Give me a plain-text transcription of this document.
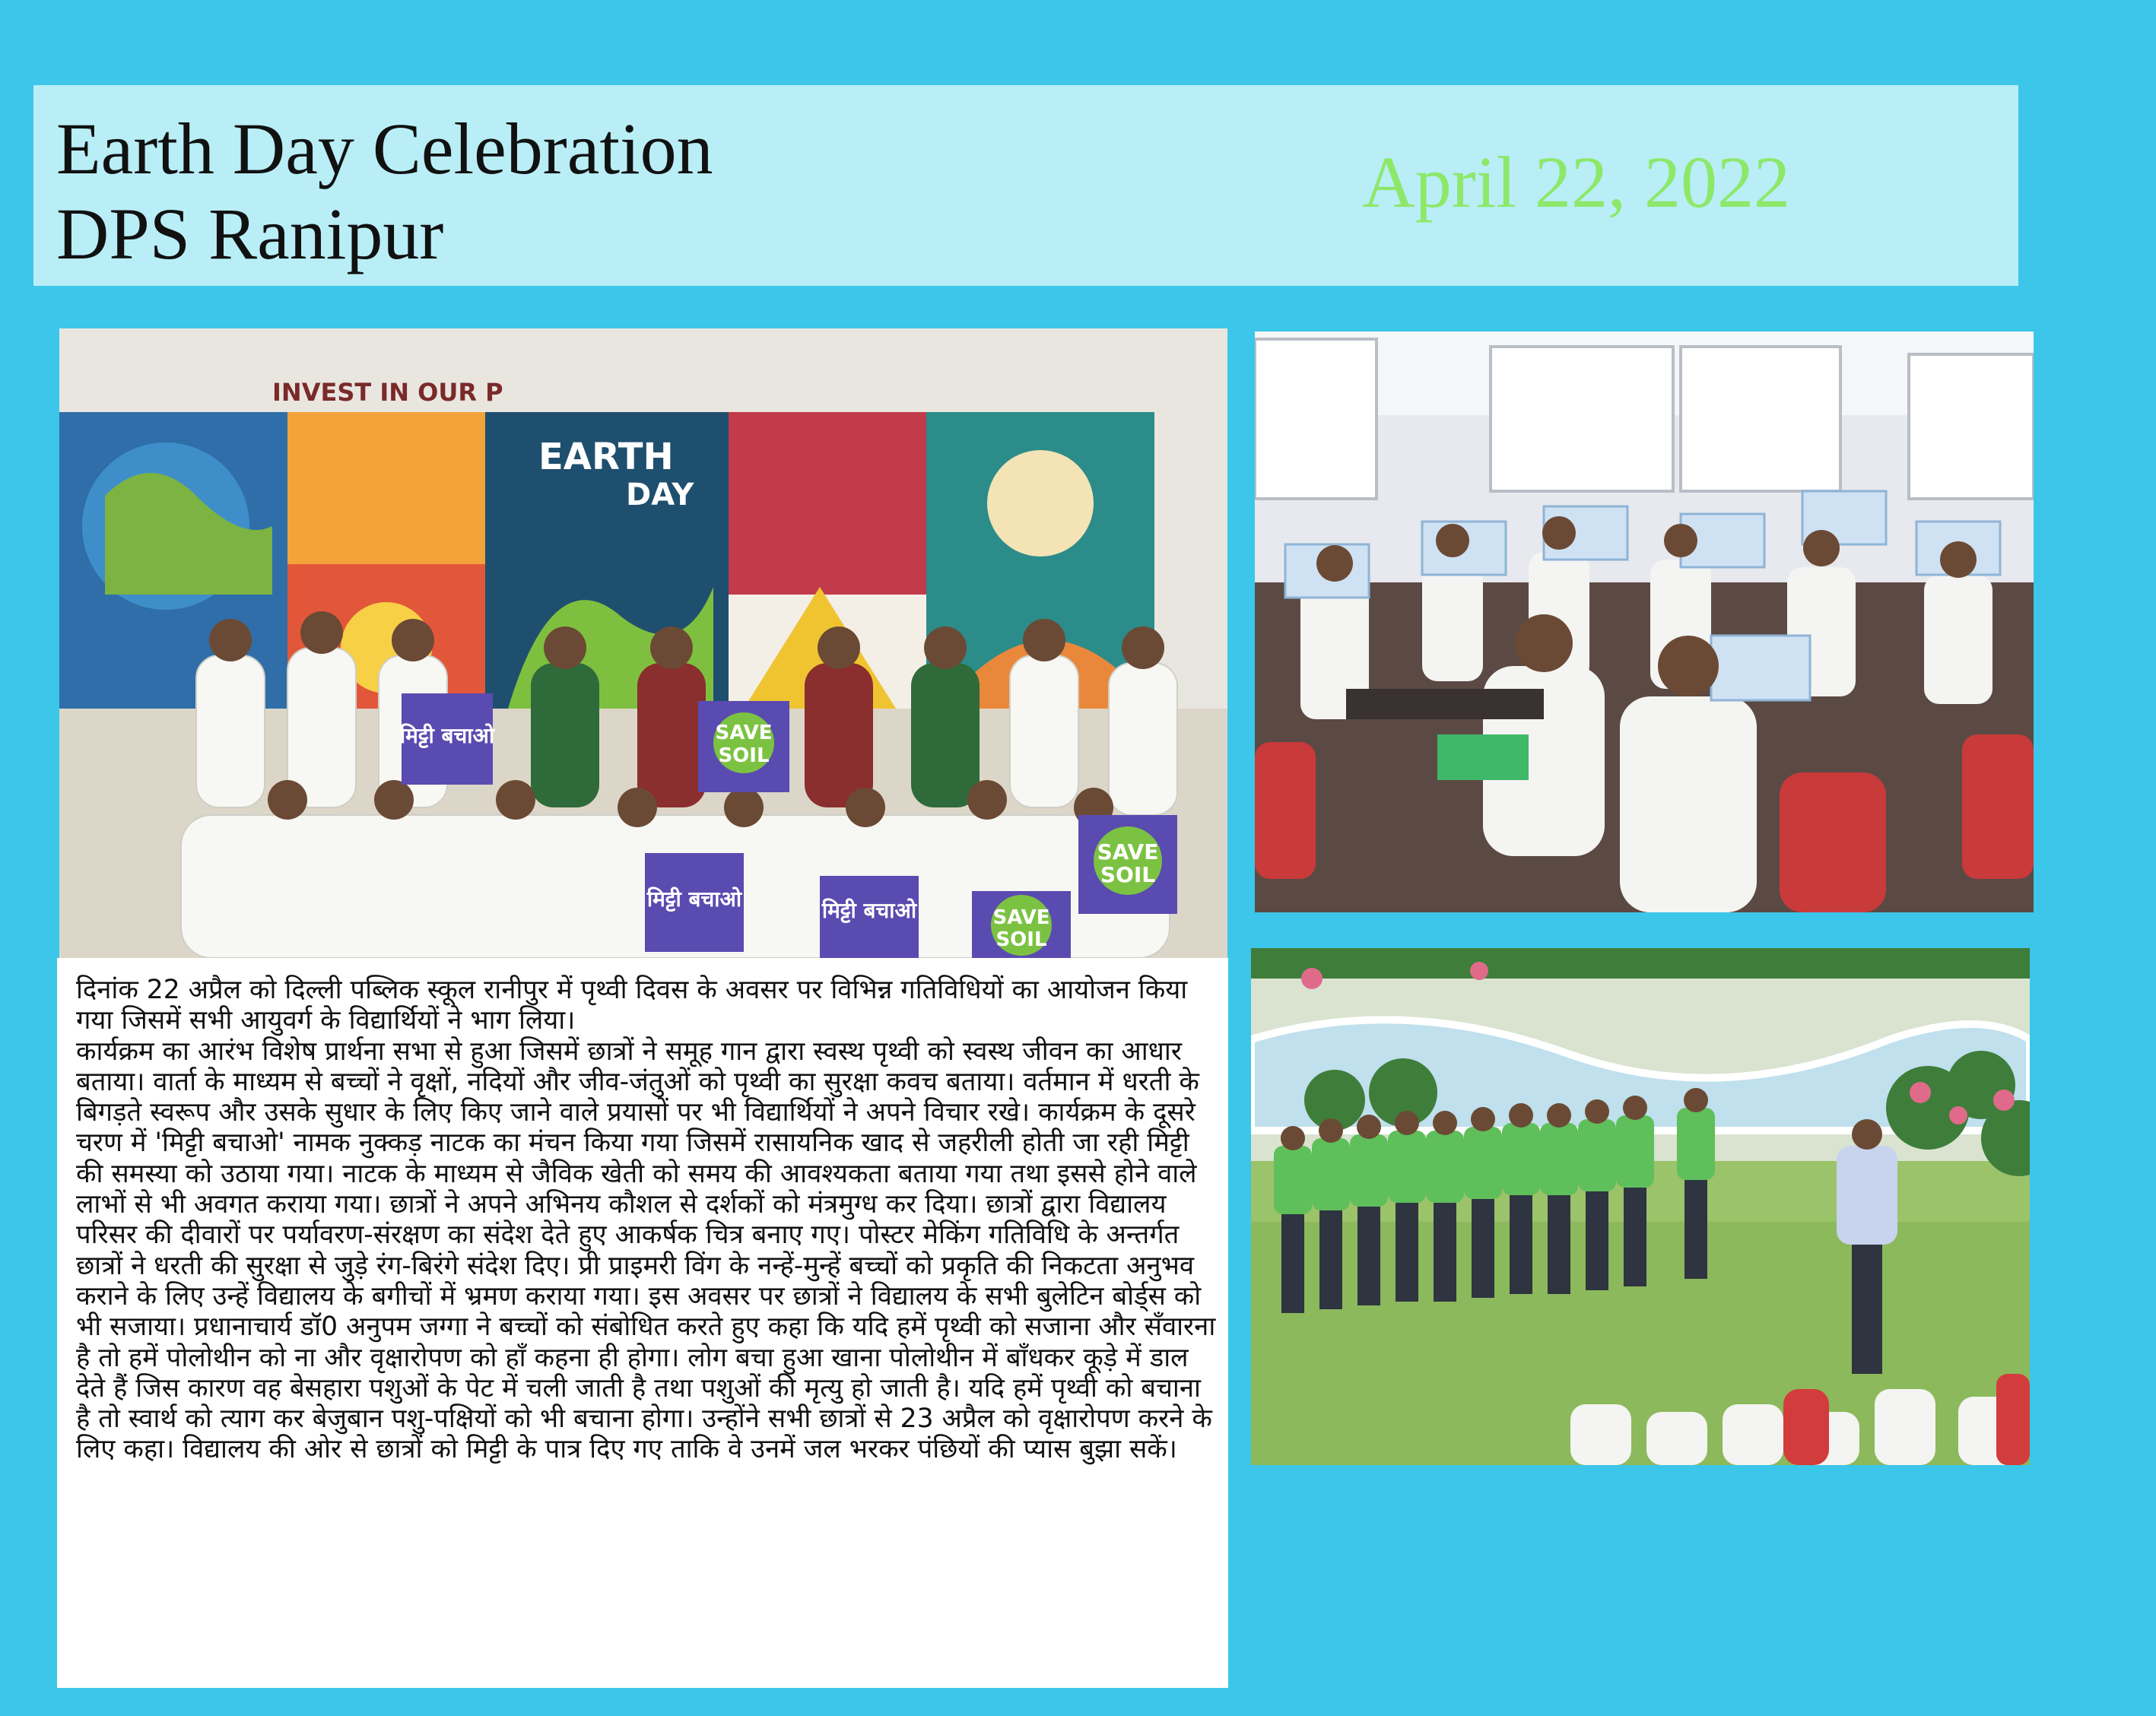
Earth Day Celebration
DPS Ranipur
April 22, 2022
मिट्टी बचाओ	SAVE
SOIL
मिट्टी बचाओ	मिट्टी बचाओ
SAVE
SOIL
SAVE
SOIL
INVEST IN OUR P
EARTH
DAY

दिनांक 22 अप्रैल को दिल्ली पब्लिक स्कूल रानीपुर में पृथ्वी दिवस के अवसर पर विभिन्न गतिविधियों का आयोजन किया गया जिसमें सभी आयुवर्ग के विद्यार्थियों ने भाग लिया।

कार्यक्रम का आरंभ विशेष प्रार्थना सभा से हुआ जिसमें छात्रों ने समूह गान द्वारा स्वस्थ पृथ्वी को स्वस्थ जीवन का आधार बताया। वार्ता के माध्यम से बच्चों ने वृक्षों, नदियों और जीव-जंतुओं को पृथ्वी का सुरक्षा कवच बताया। वर्तमान में धरती के बिगड़ते स्वरूप और उसके सुधार के लिए किए जाने वाले प्रयासों पर भी विद्यार्थियों ने अपने विचार रखे। कार्यक्रम के दूसरे चरण में 'मिट्टी बचाओ' नामक नुक्कड़ नाटक का मंचन किया गया जिसमें रासायनिक खाद से जहरीली होती जा रही मिट्टी की समस्या को उठाया गया। नाटक के माध्यम से जैविक खेती को समय की आवश्यकता बताया गया तथा इससे होने वाले लाभों से भी अवगत कराया गया। छात्रों ने अपने अभिनय कौशल से दर्शकों को मंत्रमुग्ध कर दिया। छात्रों द्वारा विद्यालय परिसर की दीवारों पर पर्यावरण-संरक्षण का संदेश देते हुए आकर्षक चित्र बनाए गए। पोस्टर मेकिंग गतिविधि के अन्तर्गत छात्रों ने धरती की सुरक्षा से जुड़े रंग-बिरंगे संदेश दिए। प्री प्राइमरी विंग के नन्हें-मुन्हें बच्चों को प्रकृति की निकटता अनुभव कराने के लिए उन्हें विद्यालय के बगीचों में भ्रमण कराया गया। इस अवसर पर छात्रों ने विद्यालय के सभी बुलेटिन बोर्ड्स को भी सजाया। प्रधानाचार्य डॉ0 अनुपम जग्गा ने बच्चों को संबोधित करते हुए कहा कि यदि हमें पृथ्वी को सजाना और सँवारना है तो हमें पोलोथीन को ना और वृक्षारोपण को हाँ कहना ही होगा। लोग बचा हुआ खाना पोलोथीन में बाँधकर कूड़े में डाल देते हैं जिस कारण वह बेसहारा पशुओं के पेट में चली जाती है तथा पशुओं की मृत्यु हो जाती है। यदि हमें पृथ्वी को बचाना है तो स्वार्थ को त्याग कर बेजुबान पशु-पक्षियों को भी बचाना होगा। उन्होंने सभी छात्रों से 23 अप्रैल को वृक्षारोपण करने के लिए कहा। विद्यालय की ओर से छात्रों को मिट्टी के पात्र दिए गए ताकि वे उनमें जल भरकर पंछियों की प्यास बुझा सकें।
